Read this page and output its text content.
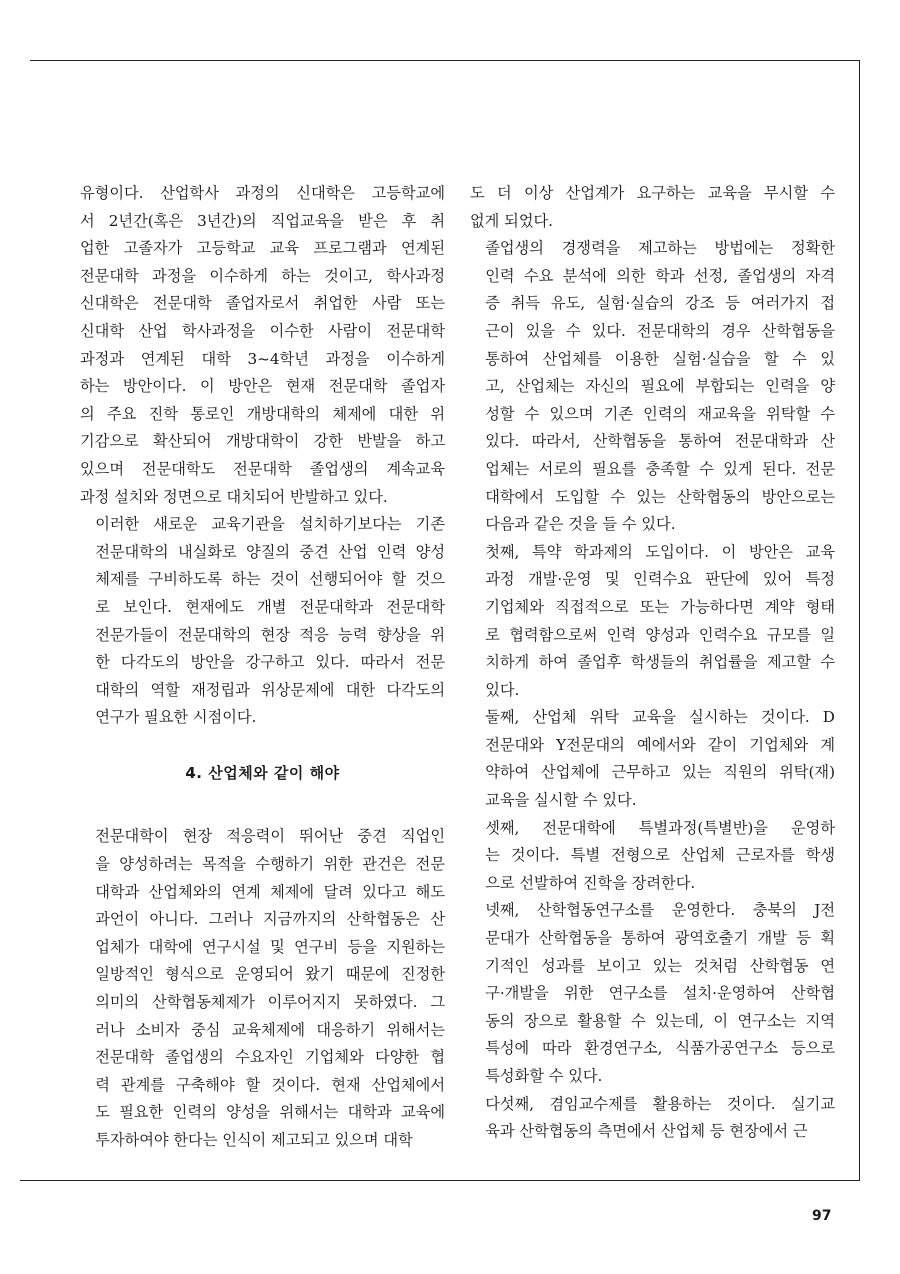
유형이다. 산업학사 과정의 신대학은 고등학교에
서 2년간(혹은 3년간)의 직업교육을 받은 후 취
업한 고졸자가 고등학교 교육 프로그램과 연계된
전문대학 과정을 이수하게 하는 것이고, 학사과정
신대학은 전문대학 졸업자로서 취업한 사람 또는
신대학 산업 학사과정을 이수한 사람이 전문대학
과정과 연계된 대학 3~4학년 과정을 이수하게
하는 방안이다. 이 방안은 현재 전문대학 졸업자
의 주요 진학 통로인 개방대학의 체제에 대한 위
기감으로 확산되어 개방대학이 강한 반발을 하고
있으며 전문대학도 전문대학 졸업생의 계속교육
과정 설치와 정면으로 대치되어 반발하고 있다.

이러한 새로운 교육기관을 설치하기보다는 기존
전문대학의 내실화로 양질의 중견 산업 인력 양성
체제를 구비하도록 하는 것이 선행되어야 할 것으
로 보인다. 현재에도 개별 전문대학과 전문대학
전문가들이 전문대학의 현장 적응 능력 향상을 위
한 다각도의 방안을 강구하고 있다. 따라서 전문
대학의 역할 재정립과 위상문제에 대한 다각도의
연구가 필요한 시점이다.

4. 산업체와 같이 해야

전문대학이 현장 적응력이 뛰어난 중견 직업인
을 양성하려는 목적을 수행하기 위한 관건은 전문
대학과 산업체와의 연계 체제에 달려 있다고 해도
과언이 아니다. 그러나 지금까지의 산학협동은 산
업체가 대학에 연구시설 및 연구비 등을 지원하는
일방적인 형식으로 운영되어 왔기 때문에 진정한
의미의 산학협동체제가 이루어지지 못하였다. 그
러나 소비자 중심 교육체제에 대응하기 위해서는
전문대학 졸업생의 수요자인 기업체와 다양한 협
력 관계를 구축해야 할 것이다. 현재 산업체에서
도 필요한 인력의 양성을 위해서는 대학과 교육에
투자하여야 한다는 인식이 제고되고 있으며 대학

도 더 이상 산업계가 요구하는 교육을 무시할 수
없게 되었다.

졸업생의 경쟁력을 제고하는 방법에는 정확한
인력 수요 분석에 의한 학과 선정, 졸업생의 자격
증 취득 유도, 실험·실습의 강조 등 여러가지 접
근이 있을 수 있다. 전문대학의 경우 산학협동을
통하여 산업체를 이용한 실험·실습을 할 수 있
고, 산업체는 자신의 필요에 부합되는 인력을 양
성할 수 있으며 기존 인력의 재교육을 위탁할 수
있다. 따라서, 산학협동을 통하여 전문대학과 산
업체는 서로의 필요를 충족할 수 있게 된다. 전문
대학에서 도입할 수 있는 산학협동의 방안으로는
다음과 같은 것을 들 수 있다.

첫째, 특약 학과제의 도입이다. 이 방안은 교육
과정 개발·운영 및 인력수요 판단에 있어 특정
기업체와 직접적으로 또는 가능하다면 계약 형태
로 협력함으로써 인력 양성과 인력수요 규모를 일
치하게 하여 졸업후 학생들의 취업률을 제고할 수
있다.

둘째, 산업체 위탁 교육을 실시하는 것이다. D
전문대와 Y전문대의 예에서와 같이 기업체와 계
약하여 산업체에 근무하고 있는 직원의 위탁(재)
교육을 실시할 수 있다.

셋째, 전문대학에 특별과정(특별반)을 운영하
는 것이다. 특별 전형으로 산업체 근로자를 학생
으로 선발하여 진학을 장려한다.

넷째, 산학협동연구소를 운영한다. 충북의 J전
문대가 산학협동을 통하여 광역호출기 개발 등 획
기적인 성과를 보이고 있는 것처럼 산학협동 연
구·개발을 위한 연구소를 설치·운영하여 산학협
동의 장으로 활용할 수 있는데, 이 연구소는 지역
특성에 따라 환경연구소, 식품가공연구소 등으로
특성화할 수 있다.

다섯째, 겸임교수제를 활용하는 것이다. 실기교
육과 산학협동의 측면에서 산업체 등 현장에서 근

97
